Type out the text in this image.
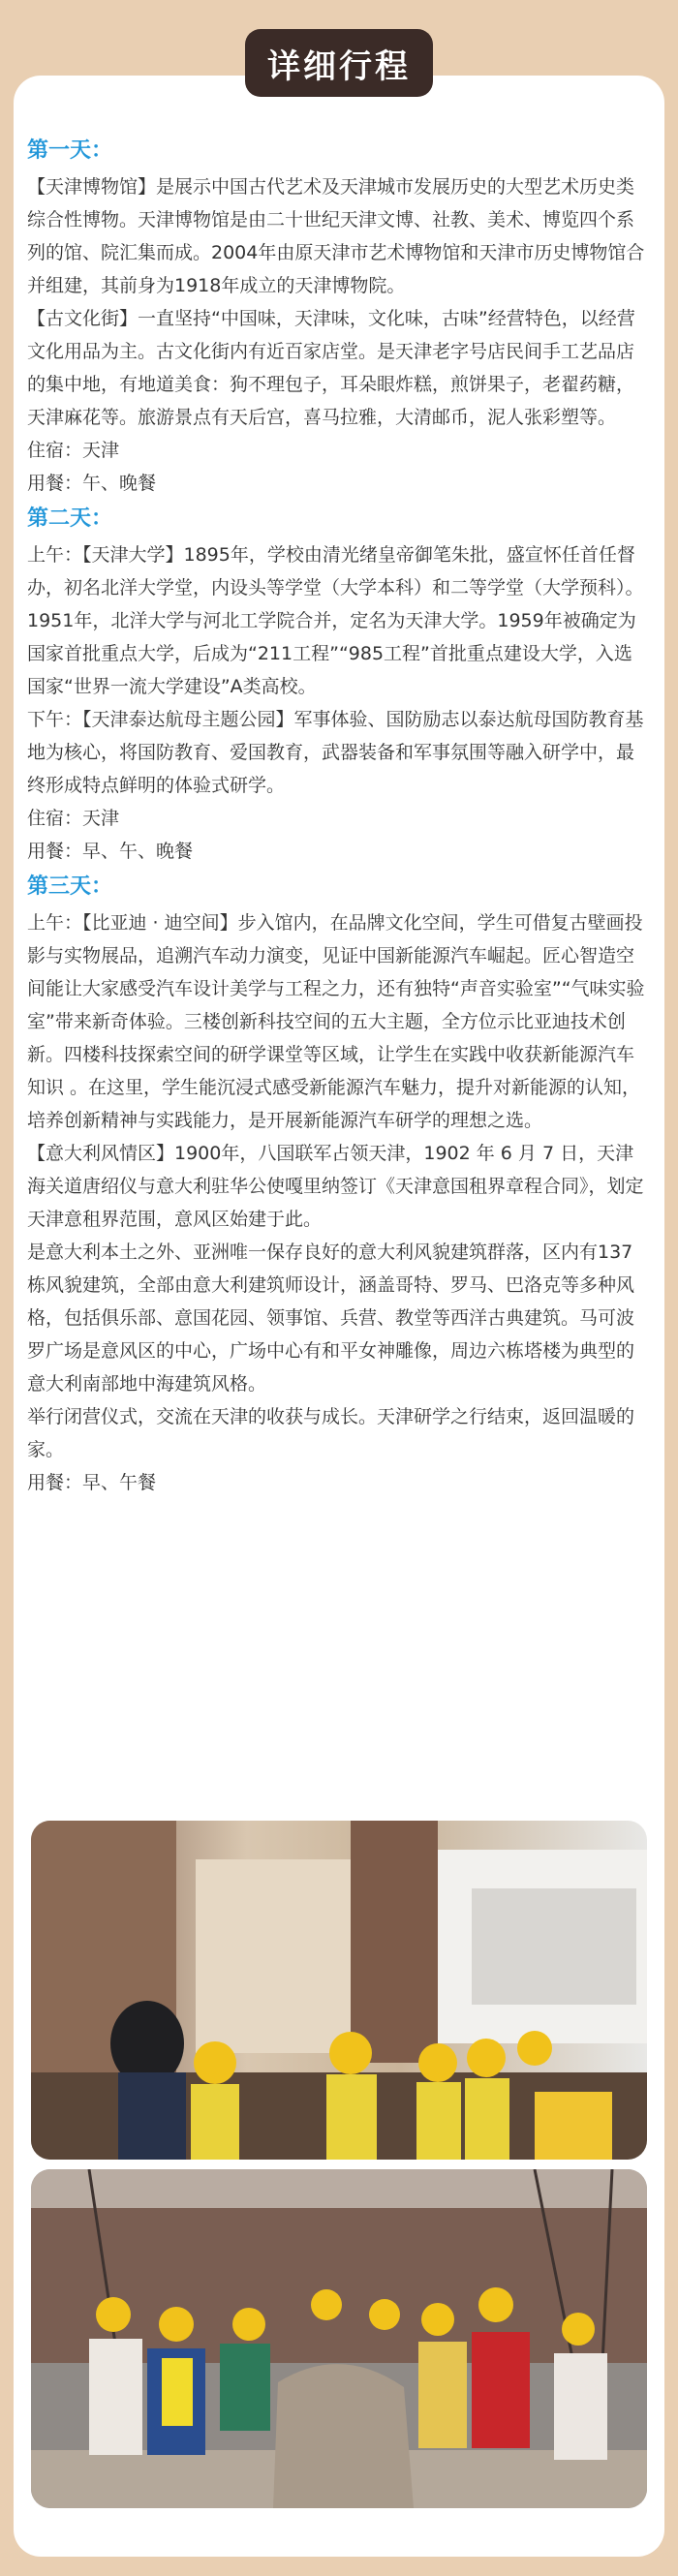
详细行程
第一天：

【天津博物馆】是展示中国古代艺术及天津城市发展历史的大型艺术历史类综合性博物。天津博物馆是由二十世纪天津文博、社教、美术、博览四个系列的馆、院汇集而成。2004年由原天津市艺术博物馆和天津市历史博物馆合并组建，其前身为1918年成立的天津博物院。

【古文化街】一直坚持“中国味，天津味，文化味，古味”经营特色，以经营文化用品为主。古文化街内有近百家店堂。是天津老字号店民间手工艺品店的集中地，有地道美食：狗不理包子，耳朵眼炸糕，煎饼果子，老翟药糖，天津麻花等。旅游景点有天后宫，喜马拉雅，大清邮币，泥人张彩塑等。

住宿：天津

用餐：午、晚餐

第二天：

上午：【天津大学】1895年，学校由清光绪皇帝御笔朱批，盛宣怀任首任督办，初名北洋大学堂，内设头等学堂（大学本科）和二等学堂（大学预科）。1951年，北洋大学与河北工学院合并，定名为天津大学。1959年被确定为国家首批重点大学，后成为“211工程”“985工程”首批重点建设大学，入选国家“世界一流大学建设”A类高校。

下午：【天津泰达航母主题公园】军事体验、国防励志以泰达航母国防教育基地为核心，将国防教育、爱国教育，武器装备和军事氛围等融入研学中，最终形成特点鲜明的体验式研学。

住宿：天津

用餐：早、午、晚餐

第三天：

上午：【比亚迪 · 迪空间】步入馆内，在品牌文化空间，学生可借复古壁画投影与实物展品，追溯汽车动力演变，见证中国新能源汽车崛起。匠心智造空间能让大家感受汽车设计美学与工程之力，还有独特“声音实验室”“气味实验室”带来新奇体验。三楼创新科技空间的五大主题，全方位示比亚迪技术创新。四楼科技探索空间的研学课堂等区域，让学生在实践中收获新能源汽车知识 。在这里，学生能沉浸式感受新能源汽车魅力，提升对新能源的认知，培养创新精神与实践能力，是开展新能源汽车研学的理想之选。

【意大利风情区】1900年，八国联军占领天津，1902 年 6 月 7 日，天津海关道唐绍仪与意大利驻华公使嘎里纳签订《天津意国租界章程合同》，划定天津意租界范围，意风区始建于此。

是意大利本土之外、亚洲唯一保存良好的意大利风貌建筑群落，区内有137 栋风貌建筑，全部由意大利建筑师设计，涵盖哥特、罗马、巴洛克等多种风格，包括俱乐部、意国花园、领事馆、兵营、教堂等西洋古典建筑。马可波罗广场是意风区的中心，广场中心有和平女神雕像，周边六栋塔楼为典型的意大利南部地中海建筑风格。

举行闭营仪式，交流在天津的收获与成长。天津研学之行结束，返回温暖的家。

用餐：早、午餐
